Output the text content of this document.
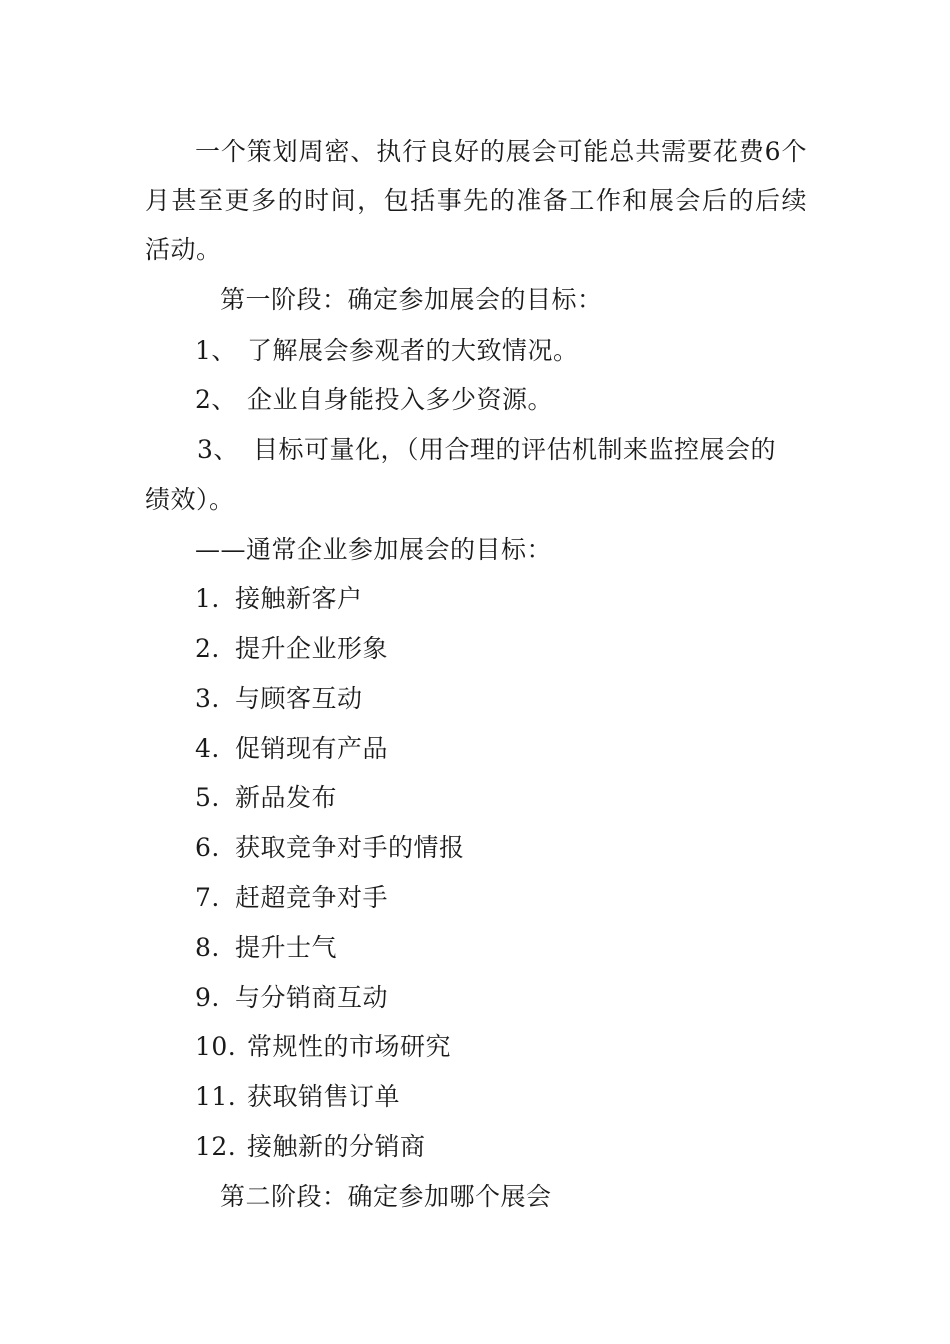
一个策划周密、执行良好的展会可能总共需要花费6个
月甚至更多的时间，包括事先的准备工作和展会后的后续
活动。
第一阶段：确定参加展会的目标：
1、 了解展会参观者的大致情况。
2、 企业自身能投入多少资源。
3、 目标可量化，（用合理的评估机制来监控展会的
绩效）。
——通常企业参加展会的目标：
1. 接触新客户
2. 提升企业形象
3. 与顾客互动
4. 促销现有产品
5. 新品发布
6. 获取竞争对手的情报
7. 赶超竞争对手
8. 提升士气
9. 与分销商互动
10. 常规性的市场研究
11. 获取销售订单
12. 接触新的分销商
第二阶段：确定参加哪个展会
